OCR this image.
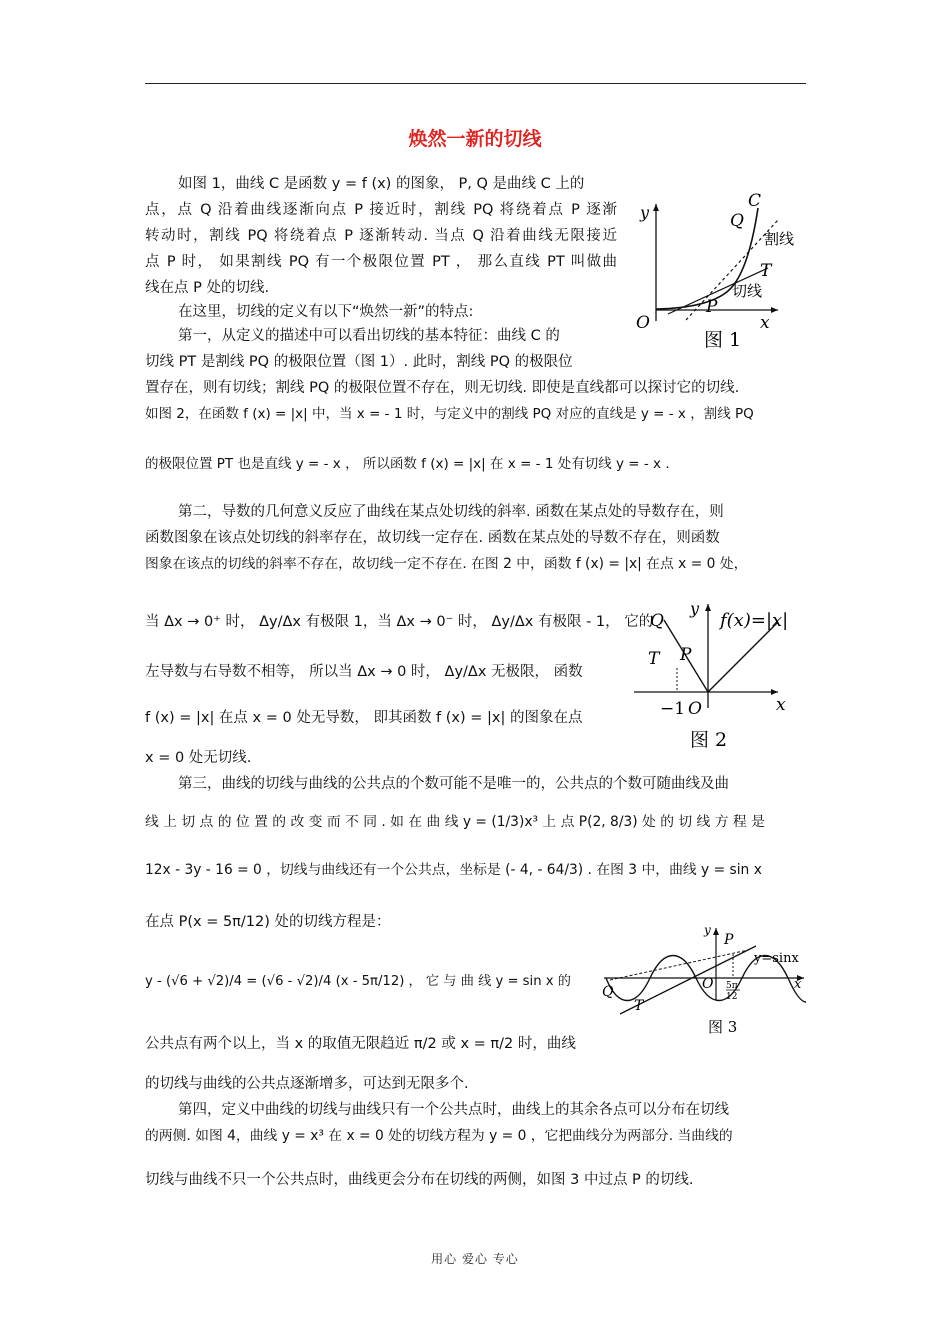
焕然一新的切线
如图 1，曲线 C 是函数 y = f (x) 的图象， P, Q 是曲线 C 上的
点，点 Q 沿着曲线逐渐向点 P 接近时，割线 PQ 将绕着点 P 逐渐
转动时，割线 PQ 将绕着点 P 逐渐转动. 当点 Q 沿着曲线无限接近
点 P 时， 如果割线 PQ 有一个极限位置 PT ， 那么直线 PT 叫做曲
线在点 P 处的切线.
在这里，切线的定义有以下“焕然一新”的特点:
第一，从定义的描述中可以看出切线的基本特征：曲线 C 的
切线 PT 是割线 PQ 的极限位置（图 1）. 此时，割线 PQ 的极限位
置存在，则有切线；割线 PQ 的极限位置不存在，则无切线. 即使是直线都可以探讨它的切线.
如图 2，在函数 f (x) = |x| 中，当 x = - 1 时，与定义中的割线 PQ 对应的直线是 y = - x ，割线 PQ
的极限位置 PT 也是直线 y = - x ， 所以函数 f (x) = |x| 在 x = - 1 处有切线 y = - x .
第二，导数的几何意义反应了曲线在某点处切线的斜率. 函数在某点处的导数存在，则
函数图象在该点处切线的斜率存在，故切线一定存在. 函数在某点处的导数不存在，则函数
图象在该点的切线的斜率不存在，故切线一定不存在. 在图 2 中，函数 f (x) = |x| 在点 x = 0 处，
当 Δx → 0⁺ 时， Δy/Δx 有极限 1，当 Δx → 0⁻ 时， Δy/Δx 有极限 - 1， 它的
左导数与右导数不相等， 所以当 Δx → 0 时， Δy/Δx 无极限， 函数
f (x) = |x| 在点 x = 0 处无导数， 即其函数 f (x) = |x| 的图象在点
x = 0 处无切线.
第三，曲线的切线与曲线的公共点的个数可能不是唯一的，公共点的个数可随曲线及曲
线 上 切 点 的 位 置 的 改 变 而 不 同 . 如 在 曲 线 y = (1/3)x³ 上 点 P(2, 8/3) 处 的 切 线 方 程 是
12x - 3y - 16 = 0 ，切线与曲线还有一个公共点，坐标是 (- 4, - 64/3) . 在图 3 中，曲线 y = sin x
在点 P(x = 5π/12) 处的切线方程是：
y - (√6 + √2)/4 = (√6 - √2)/4 (x - 5π/12) ， 它 与 曲 线 y = sin x 的
公共点有两个以上，当 x 的取值无限趋近 π/2 或 x = π/2 时，曲线
的切线与曲线的公共点逐渐增多，可达到无限多个.
第四，定义中曲线的切线与曲线只有一个公共点时，曲线上的其余各点可以分布在切线
的两侧. 如图 4，曲线 y = x³ 在 x = 0 处的切线方程为 y = 0 ，它把曲线分为两部分. 当曲线的
切线与曲线不只一个公共点时，曲线更会分布在切线的两侧，如图 3 中过点 P 的切线.
C
Q
割线
T
切线
P
O	x
y
图 1
Q
T P
f(x)=|x|
−1 O	x
y
图 2
P
y=sinx
Q	O
T
x
y
5π
12
图 3
用心 爱心 专心
